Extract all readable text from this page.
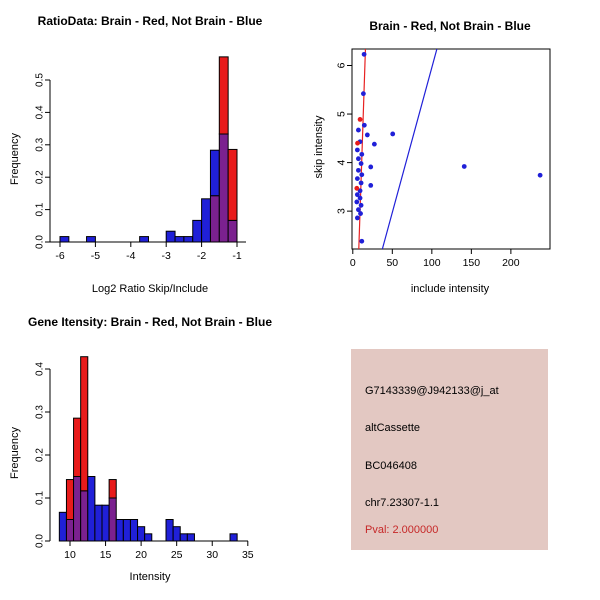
0.0
0.1
0.2
0.3
0.4
0.5
-6 -5 -4 -3 -2 -1
RatioData: Brain - Red, Not Brain - Blue
Log2 Ratio Skip/Include
Frequency
0	50 100 150 200
3
4
5
6
Brain - Red, Not Brain - Blue
include intensity
skip intensity
0.0
0.1
0.2
0.3
0.4
10 15 20 25 30 35
Gene Itensity: Brain - Red, Not Brain - Blue
Intensity
Frequency
G7143339@J942133@j_at
altCassette
BC046408
chr7.23307-1.1
Pval: 2.000000
